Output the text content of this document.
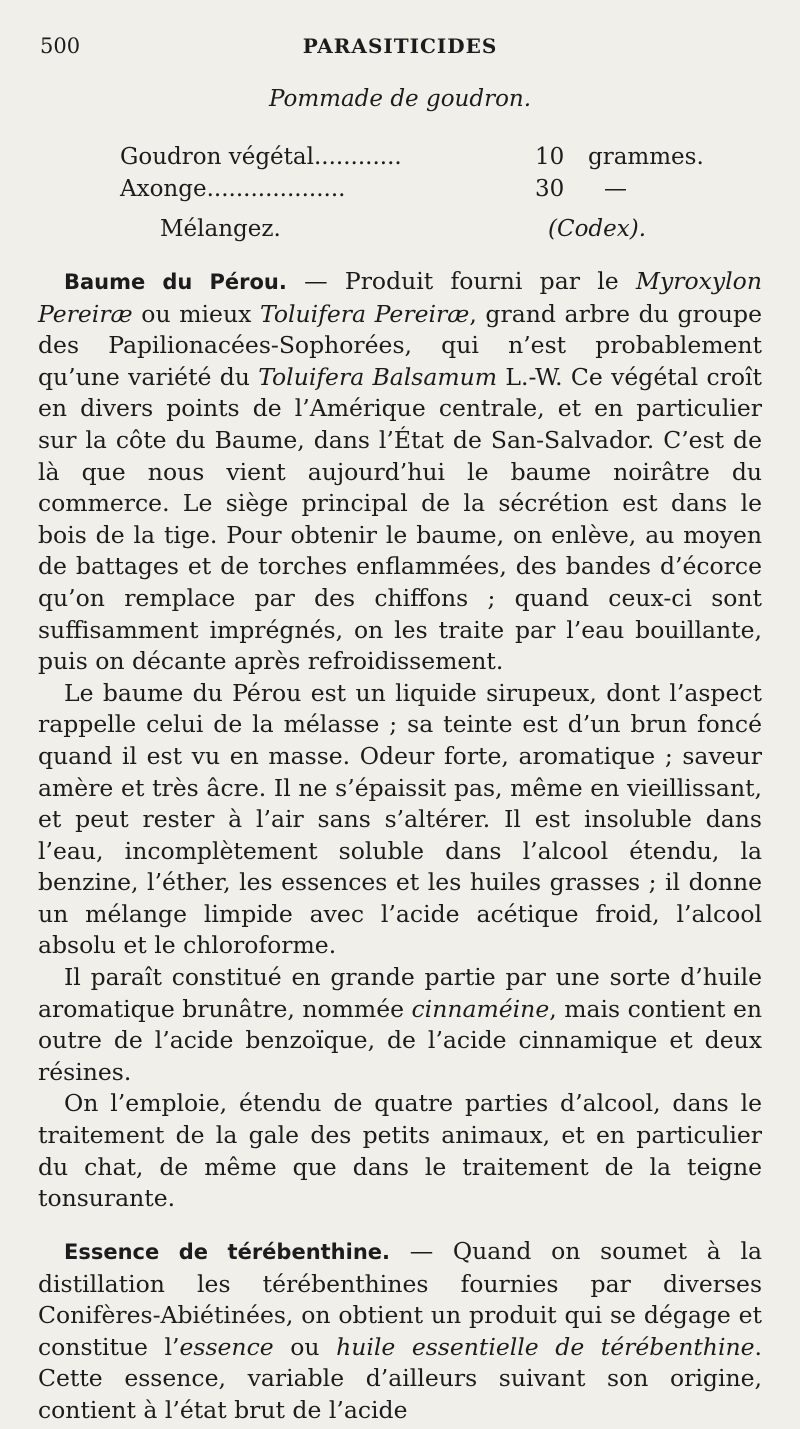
500	PARASITICIDES
Pommade de goudron.
Goudron végétal............	10 grammes.
Axonge...................	30 —
Mélangez.	(Codex).

Baume du Pérou. — Produit fourni par le Myroxylon Pereiræ ou mieux Toluifera Pereiræ, grand arbre du groupe des Papilionacées-Sophorées, qui n’est probablement qu’une variété du Toluifera Balsamum L.-W. Ce végétal croît en divers points de l’Amérique centrale, et en particulier sur la côte du Baume, dans l’État de San-Salvador. C’est de là que nous vient aujourd’hui le baume noirâtre du commerce. Le siège principal de la sécrétion est dans le bois de la tige. Pour obtenir le baume, on enlève, au moyen de battages et de torches enflammées, des bandes d’écorce qu’on remplace par des chiffons ; quand ceux-ci sont suffisamment imprégnés, on les traite par l’eau bouillante, puis on décante après refroidissement.

Le baume du Pérou est un liquide sirupeux, dont l’aspect rappelle celui de la mélasse ; sa teinte est d’un brun foncé quand il est vu en masse. Odeur forte, aromatique ; saveur amère et très âcre. Il ne s’épaissit pas, même en vieillissant, et peut rester à l’air sans s’altérer. Il est insoluble dans l’eau, incomplètement soluble dans l’alcool étendu, la benzine, l’éther, les essences et les huiles grasses ; il donne un mélange limpide avec l’acide acétique froid, l’alcool absolu et le chloroforme.

Il paraît constitué en grande partie par une sorte d’huile aromatique brunâtre, nommée cinnaméine, mais contient en outre de l’acide benzoïque, de l’acide cinnamique et deux résines.

On l’emploie, étendu de quatre parties d’alcool, dans le traitement de la gale des petits animaux, et en particulier du chat, de même que dans le traitement de la teigne tonsurante.

Essence de térébenthine. — Quand on soumet à la distillation les térébenthines fournies par diverses Conifères-Abiétinées, on obtient un produit qui se dégage et constitue l’essence ou huile essentielle de térébenthine. Cette essence, variable d’ailleurs suivant son origine, contient à l’état brut de l’acide
